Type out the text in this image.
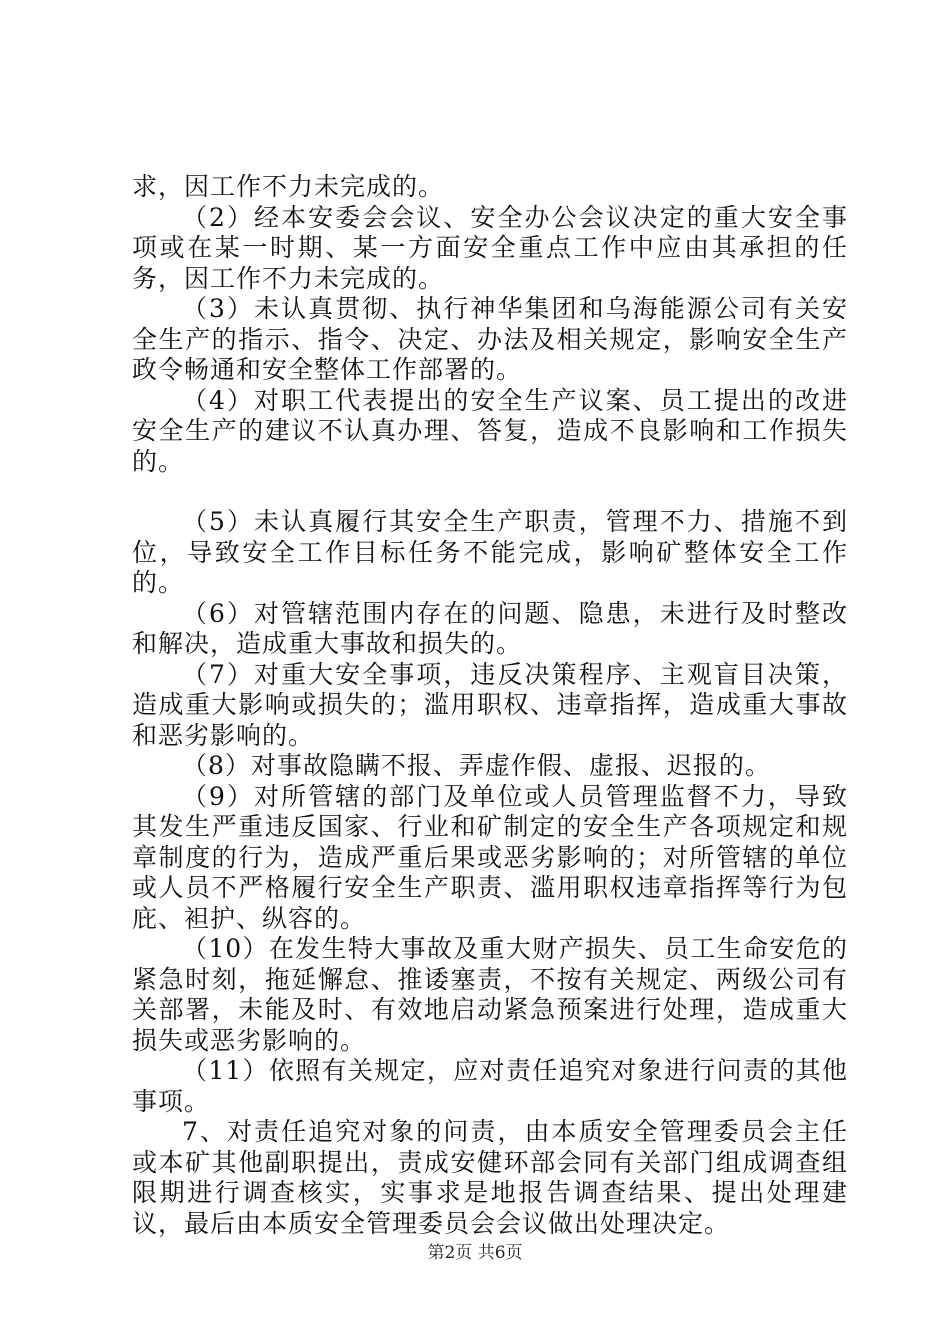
求，因工作不力未完成的。

（2）经本安委会会议、安全办公会议决定的重大安全事项或在某一时期、某一方面安全重点工作中应由其承担的任务，因工作不力未完成的。

（3）未认真贯彻、执行神华集团和乌海能源公司有关安全生产的指示、指令、决定、办法及相关规定，影响安全生产政令畅通和安全整体工作部署的。

（4）对职工代表提出的安全生产议案、员工提出的改进安全生产的建议不认真办理、答复，造成不良影响和工作损失的。

（5）未认真履行其安全生产职责，管理不力、措施不到位，导致安全工作目标任务不能完成，影响矿整体安全工作的。

（6）对管辖范围内存在的问题、隐患，未进行及时整改和解决，造成重大事故和损失的。

（7）对重大安全事项，违反决策程序、主观盲目决策，造成重大影响或损失的；滥用职权、违章指挥，造成重大事故和恶劣影响的。

（8）对事故隐瞒不报、弄虚作假、虚报、迟报的。

（9）对所管辖的部门及单位或人员管理监督不力，导致其发生严重违反国家、行业和矿制定的安全生产各项规定和规章制度的行为，造成严重后果或恶劣影响的；对所管辖的单位或人员不严格履行安全生产职责、滥用职权违章指挥等行为包庇、袒护、纵容的。

（10）在发生特大事故及重大财产损失、员工生命安危的紧急时刻，拖延懈怠、推诿塞责，不按有关规定、两级公司有关部署，未能及时、有效地启动紧急预案进行处理，造成重大损失或恶劣影响的。

（11）依照有关规定，应对责任追究对象进行问责的其他事项。

7、对责任追究对象的问责，由本质安全管理委员会主任或本矿其他副职提出，责成安健环部会同有关部门组成调查组限期进行调查核实，实事求是地报告调查结果、提出处理建议，最后由本质安全管理委员会会议做出处理决定。

第2页 共6页
